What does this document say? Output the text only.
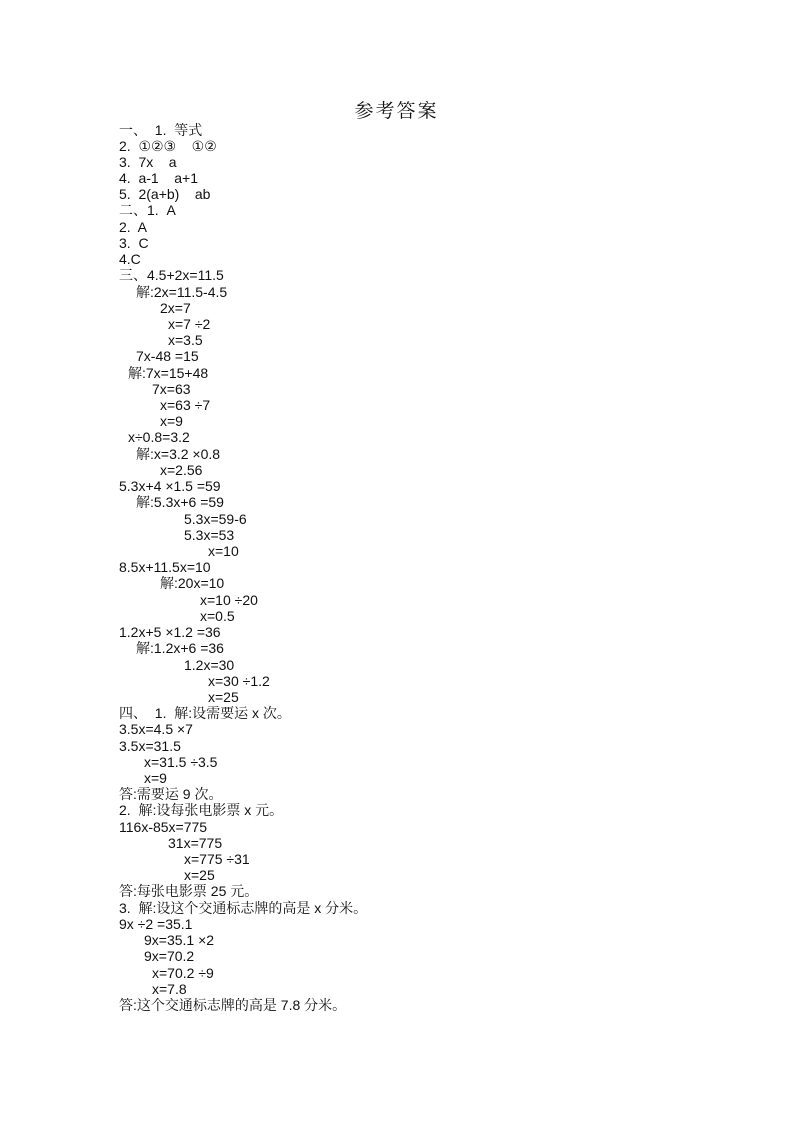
参考答案
一、  1.  等式
2.  ①②③    ①②
3.  7x    a
4.  a-1    a+1
5.  2(a+b)    ab
二、1.  A
2.  A
3.  C
4.C
三、4.5+2x=11.5
解:2x=11.5-4.5
2x=7
x=7 ÷2
x=3.5
7x-48 =15
解:7x=15+48
7x=63
x=63 ÷7
x=9
x÷0.8=3.2
解:x=3.2 ×0.8
x=2.56
5.3x+4 ×1.5 =59
解:5.3x+6 =59
5.3x=59-6
5.3x=53
x=10
8.5x+11.5x=10
解:20x=10
x=10 ÷20
x=0.5
1.2x+5 ×1.2 =36
解:1.2x+6 =36
1.2x=30
x=30 ÷1.2
x=25
四、  1.  解:设需要运 x 次。
3.5x=4.5 ×7
3.5x=31.5
x=31.5 ÷3.5
x=9
答:需要运 9 次。
2.  解:设每张电影票 x 元。
116x-85x=775
31x=775
x=775 ÷31
x=25
答:每张电影票 25 元。
3.  解:设这个交通标志牌的高是 x 分米。
9x ÷2 =35.1
9x=35.1 ×2
9x=70.2
x=70.2 ÷9
x=7.8
答:这个交通标志牌的高是 7.8 分米。
